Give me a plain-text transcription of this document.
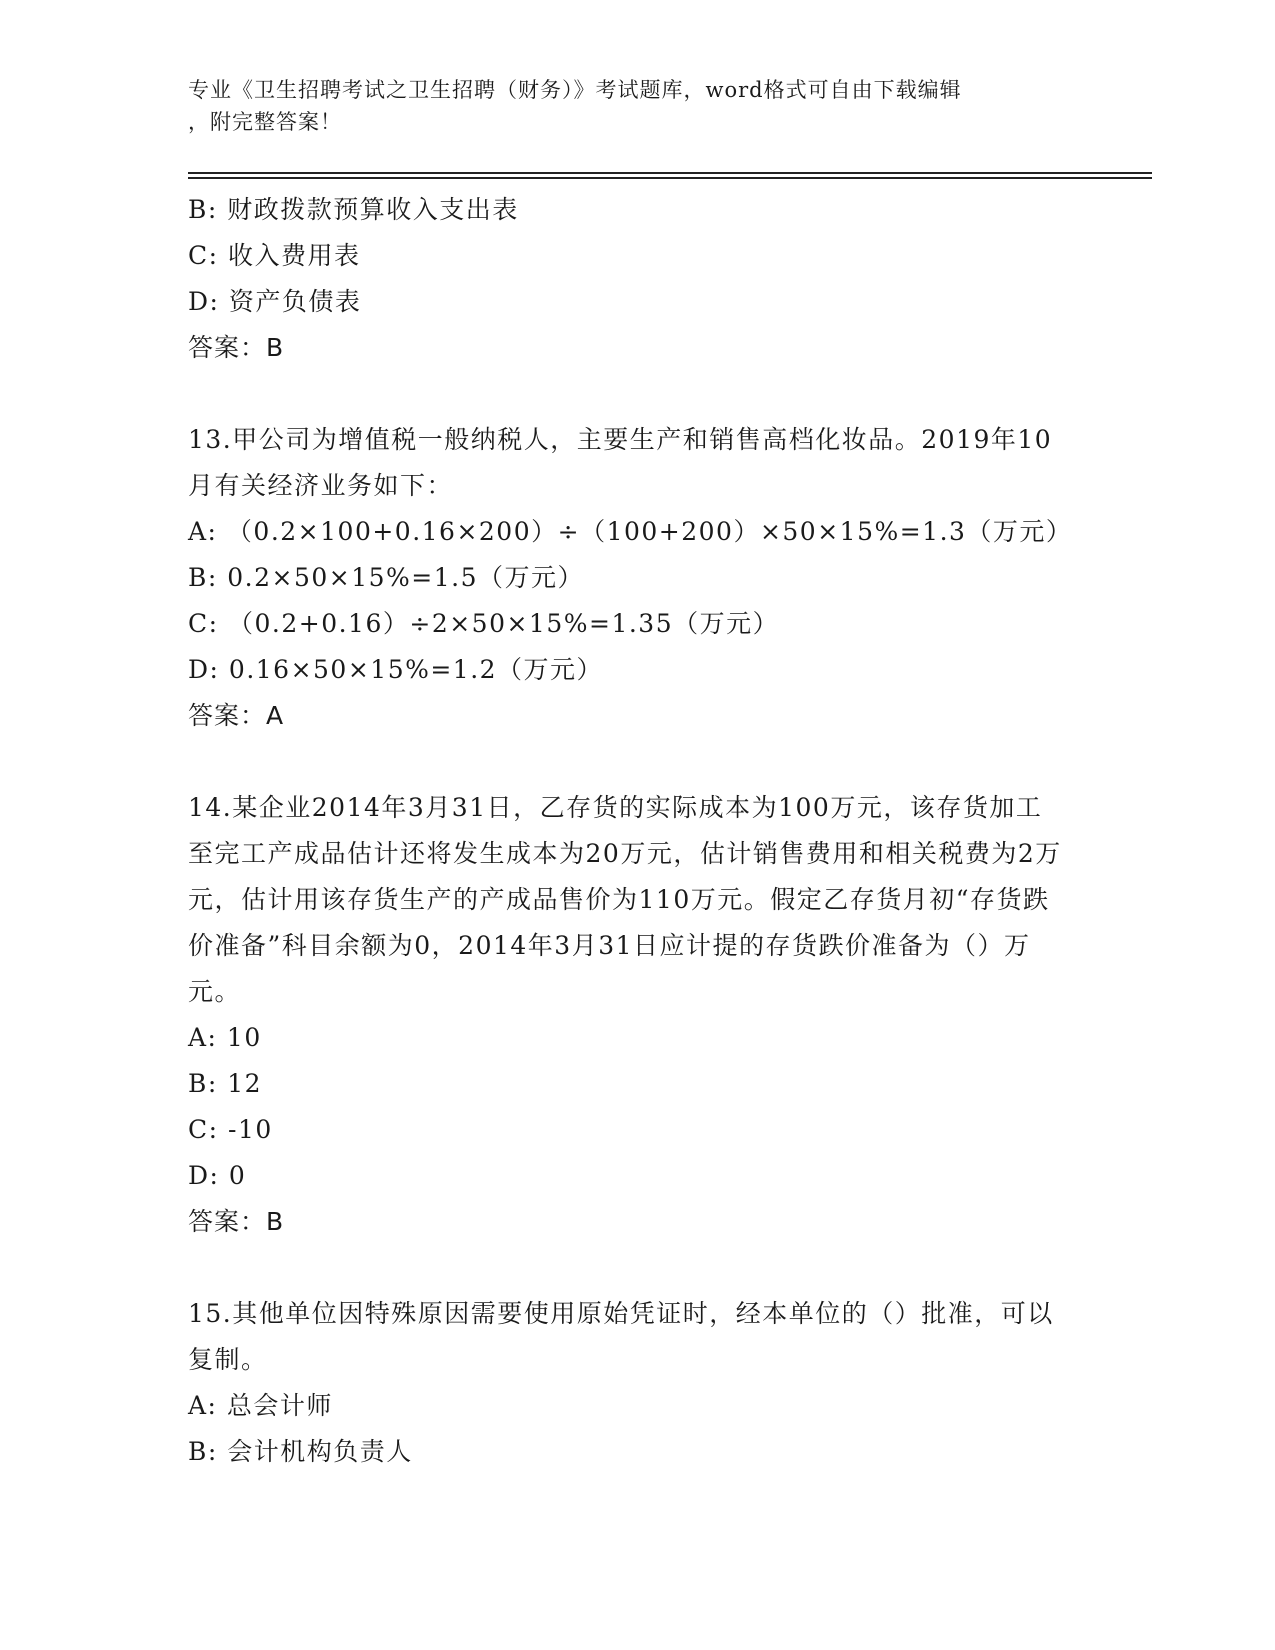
专业《卫生招聘考试之卫生招聘（财务）》考试题库，word格式可自由下载编辑
，附完整答案！
B: 财政拨款预算收入支出表
C: 收入费用表
D: 资产负债表
答案：B
13.甲公司为增值税一般纳税人，主要生产和销售高档化妆品。2019年10月有关经济业务如下：
A: （0.2×100+0.16×200）÷（100+200）×50×15%=1.3（万元）
B: 0.2×50×15%=1.5（万元）
C: （0.2+0.16）÷2×50×15%=1.35（万元）
D: 0.16×50×15%=1.2（万元）
答案：A
14.某企业2014年3月31日，乙存货的实际成本为100万元，该存货加工至完工产成品估计还将发生成本为20万元，估计销售费用和相关税费为2万元，估计用该存货生产的产成品售价为110万元。假定乙存货月初“存货跌价准备”科目余额为0，2014年3月31日应计提的存货跌价准备为（）万元。
A: 10
B: 12
C: -10
D: 0
答案：B
15.其他单位因特殊原因需要使用原始凭证时，经本单位的（）批准，可以复制。
A: 总会计师
B: 会计机构负责人
